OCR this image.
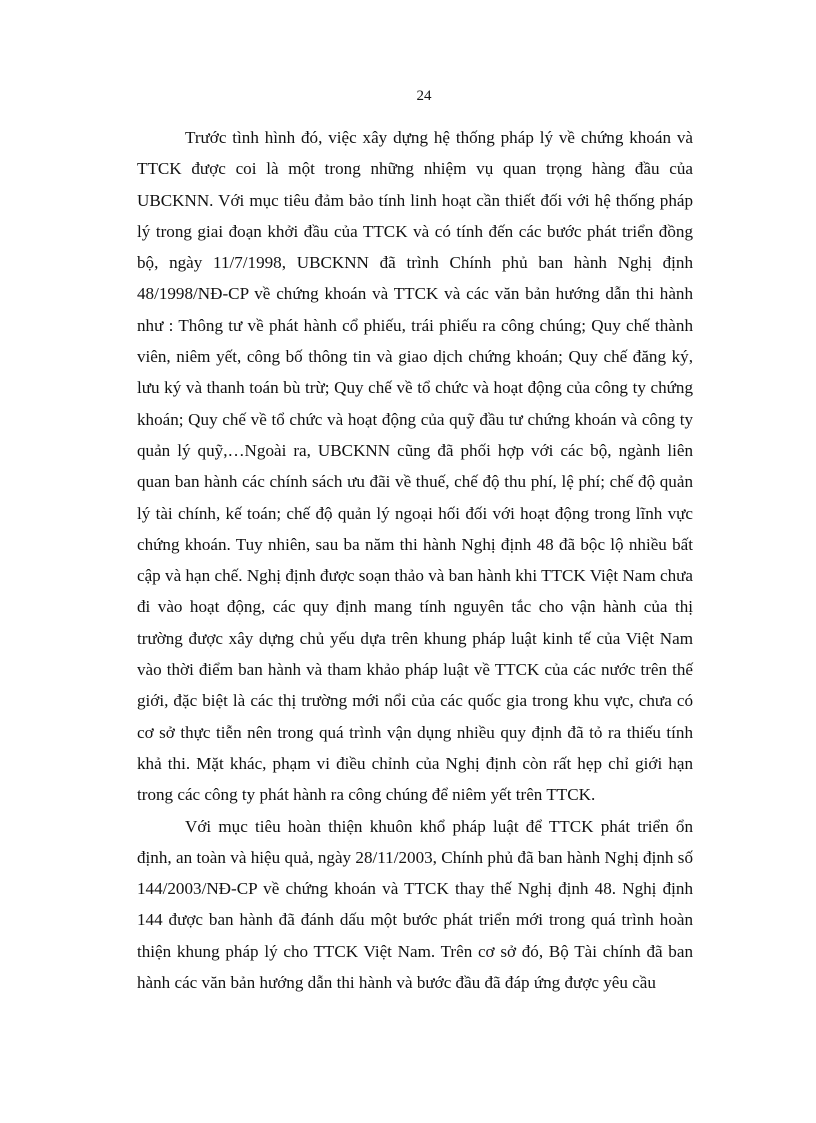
24

Trước tình hình đó, việc xây dựng hệ thống pháp lý về chứng khoán và TTCK được coi là một trong những nhiệm vụ quan trọng hàng đầu của UBCKNN. Với mục tiêu đảm bảo tính linh hoạt cần thiết đối với hệ thống pháp lý trong giai đoạn khởi đầu của TTCK và có tính đến các bước phát triển đồng bộ, ngày 11/7/1998, UBCKNN đã trình Chính phủ ban hành Nghị định 48/1998/NĐ-CP về chứng khoán và TTCK và các văn bản hướng dẫn thi hành như : Thông tư về phát hành cổ phiếu, trái phiếu ra công chúng; Quy chế thành viên, niêm yết, công bố thông tin và giao dịch chứng khoán; Quy chế đăng ký, lưu ký và thanh toán bù trừ; Quy chế về tổ chức và hoạt động của công ty chứng khoán; Quy chế về tổ chức và hoạt động của quỹ đầu tư chứng khoán và công ty quản lý quỹ,…Ngoài ra, UBCKNN cũng đã phối hợp với các bộ, ngành liên quan ban hành các chính sách ưu đãi về thuế, chế độ thu phí, lệ phí; chế độ quản lý tài chính, kế toán; chế độ quản lý ngoại hối đối với hoạt động trong lĩnh vực chứng khoán. Tuy nhiên, sau ba năm thi hành Nghị định 48 đã bộc lộ nhiều bất cập và hạn chế. Nghị định được soạn thảo và ban hành khi TTCK Việt Nam chưa đi vào hoạt động, các quy định mang tính nguyên tắc cho vận hành của thị trường được xây dựng chủ yếu dựa trên khung pháp luật kinh tế của Việt Nam vào thời điểm ban hành và tham khảo pháp luật về TTCK của các nước trên thế giới, đặc biệt là các thị trường mới nổi của các quốc gia trong khu vực, chưa có cơ sở thực tiễn nên trong quá trình vận dụng nhiều quy định đã tỏ ra thiếu tính khả thi. Mặt khác, phạm vi điều chỉnh của Nghị định còn rất hẹp chỉ giới hạn trong các công ty phát hành ra công chúng để niêm yết trên TTCK.

Với mục tiêu hoàn thiện khuôn khổ pháp luật để TTCK phát triển ổn định, an toàn và hiệu quả, ngày 28/11/2003, Chính phủ đã ban hành Nghị định số 144/2003/NĐ-CP về chứng khoán và TTCK thay thế Nghị định 48. Nghị định 144 được ban hành đã đánh dấu một bước phát triển mới trong quá trình hoàn thiện khung pháp lý cho TTCK Việt Nam. Trên cơ sở đó, Bộ Tài chính đã ban hành các văn bản hướng dẫn thi hành và bước đầu đã đáp ứng được yêu cầu
